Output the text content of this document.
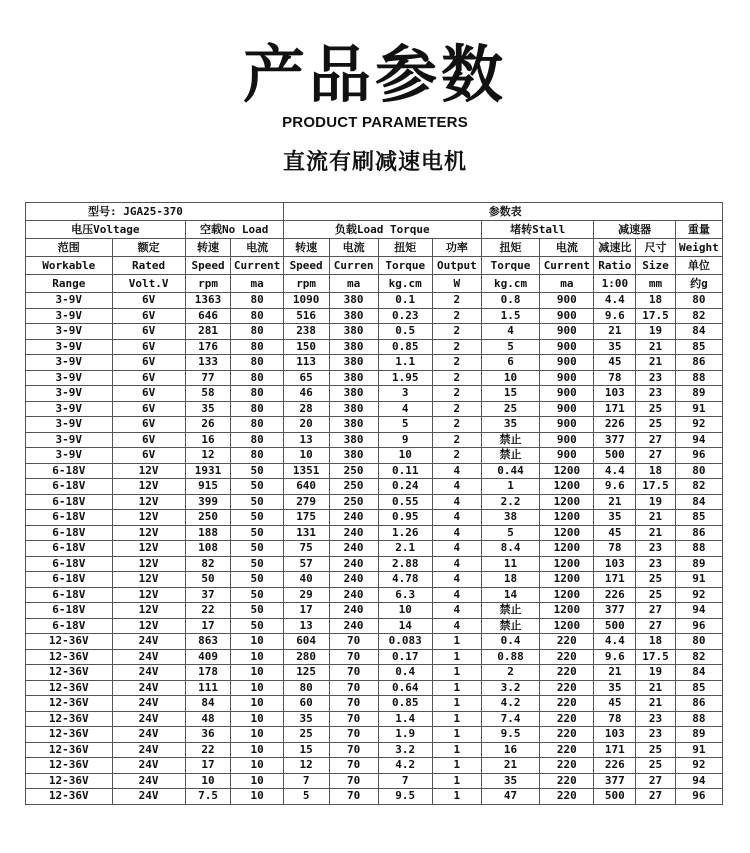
产品参数
PRODUCT PARAMETERS
直流有刷减速电机
型号: JGA25-370				参数表								
电压Voltage		空载No Load		负载Load Torque				堵转Stall		减速器		重量
范围	额定	转速	电流	转速	电流	扭矩	功率	扭矩	电流	减速比	尺寸	Weight
Workable	Rated	Speed	Current	Speed	Curren	Torque	Output	Torque	Current	Ratio	Size	单位
Range	Volt.V	rpm	ma	rpm	ma	kg.cm	W	kg.cm	ma	1:00	mm	约g
3-9V	6V	1363	80	1090	380	0.1	2	0.8	900	4.4	18	80
3-9V	6V	646	80	516	380	0.23	2	1.5	900	9.6	17.5	82
3-9V	6V	281	80	238	380	0.5	2	4	900	21	19	84
3-9V	6V	176	80	150	380	0.85	2	5	900	35	21	85
3-9V	6V	133	80	113	380	1.1	2	6	900	45	21	86
3-9V	6V	77	80	65	380	1.95	2	10	900	78	23	88
3-9V	6V	58	80	46	380	3	2	15	900	103	23	89
3-9V	6V	35	80	28	380	4	2	25	900	171	25	91
3-9V	6V	26	80	20	380	5	2	35	900	226	25	92
3-9V	6V	16	80	13	380	9	2	禁止	900	377	27	94
3-9V	6V	12	80	10	380	10	2	禁止	900	500	27	96
6-18V	12V	1931	50	1351	250	0.11	4	0.44	1200	4.4	18	80
6-18V	12V	915	50	640	250	0.24	4	1	1200	9.6	17.5	82
6-18V	12V	399	50	279	250	0.55	4	2.2	1200	21	19	84
6-18V	12V	250	50	175	240	0.95	4	38	1200	35	21	85
6-18V	12V	188	50	131	240	1.26	4	5	1200	45	21	86
6-18V	12V	108	50	75	240	2.1	4	8.4	1200	78	23	88
6-18V	12V	82	50	57	240	2.88	4	11	1200	103	23	89
6-18V	12V	50	50	40	240	4.78	4	18	1200	171	25	91
6-18V	12V	37	50	29	240	6.3	4	14	1200	226	25	92
6-18V	12V	22	50	17	240	10	4	禁止	1200	377	27	94
6-18V	12V	17	50	13	240	14	4	禁止	1200	500	27	96
12-36V	24V	863	10	604	70	0.083	1	0.4	220	4.4	18	80
12-36V	24V	409	10	280	70	0.17	1	0.88	220	9.6	17.5	82
12-36V	24V	178	10	125	70	0.4	1	2	220	21	19	84
12-36V	24V	111	10	80	70	0.64	1	3.2	220	35	21	85
12-36V	24V	84	10	60	70	0.85	1	4.2	220	45	21	86
12-36V	24V	48	10	35	70	1.4	1	7.4	220	78	23	88
12-36V	24V	36	10	25	70	1.9	1	9.5	220	103	23	89
12-36V	24V	22	10	15	70	3.2	1	16	220	171	25	91
12-36V	24V	17	10	12	70	4.2	1	21	220	226	25	92
12-36V	24V	10	10	7	70	7	1	35	220	377	27	94
12-36V	24V	7.5	10	5	70	9.5	1	47	220	500	27	96
